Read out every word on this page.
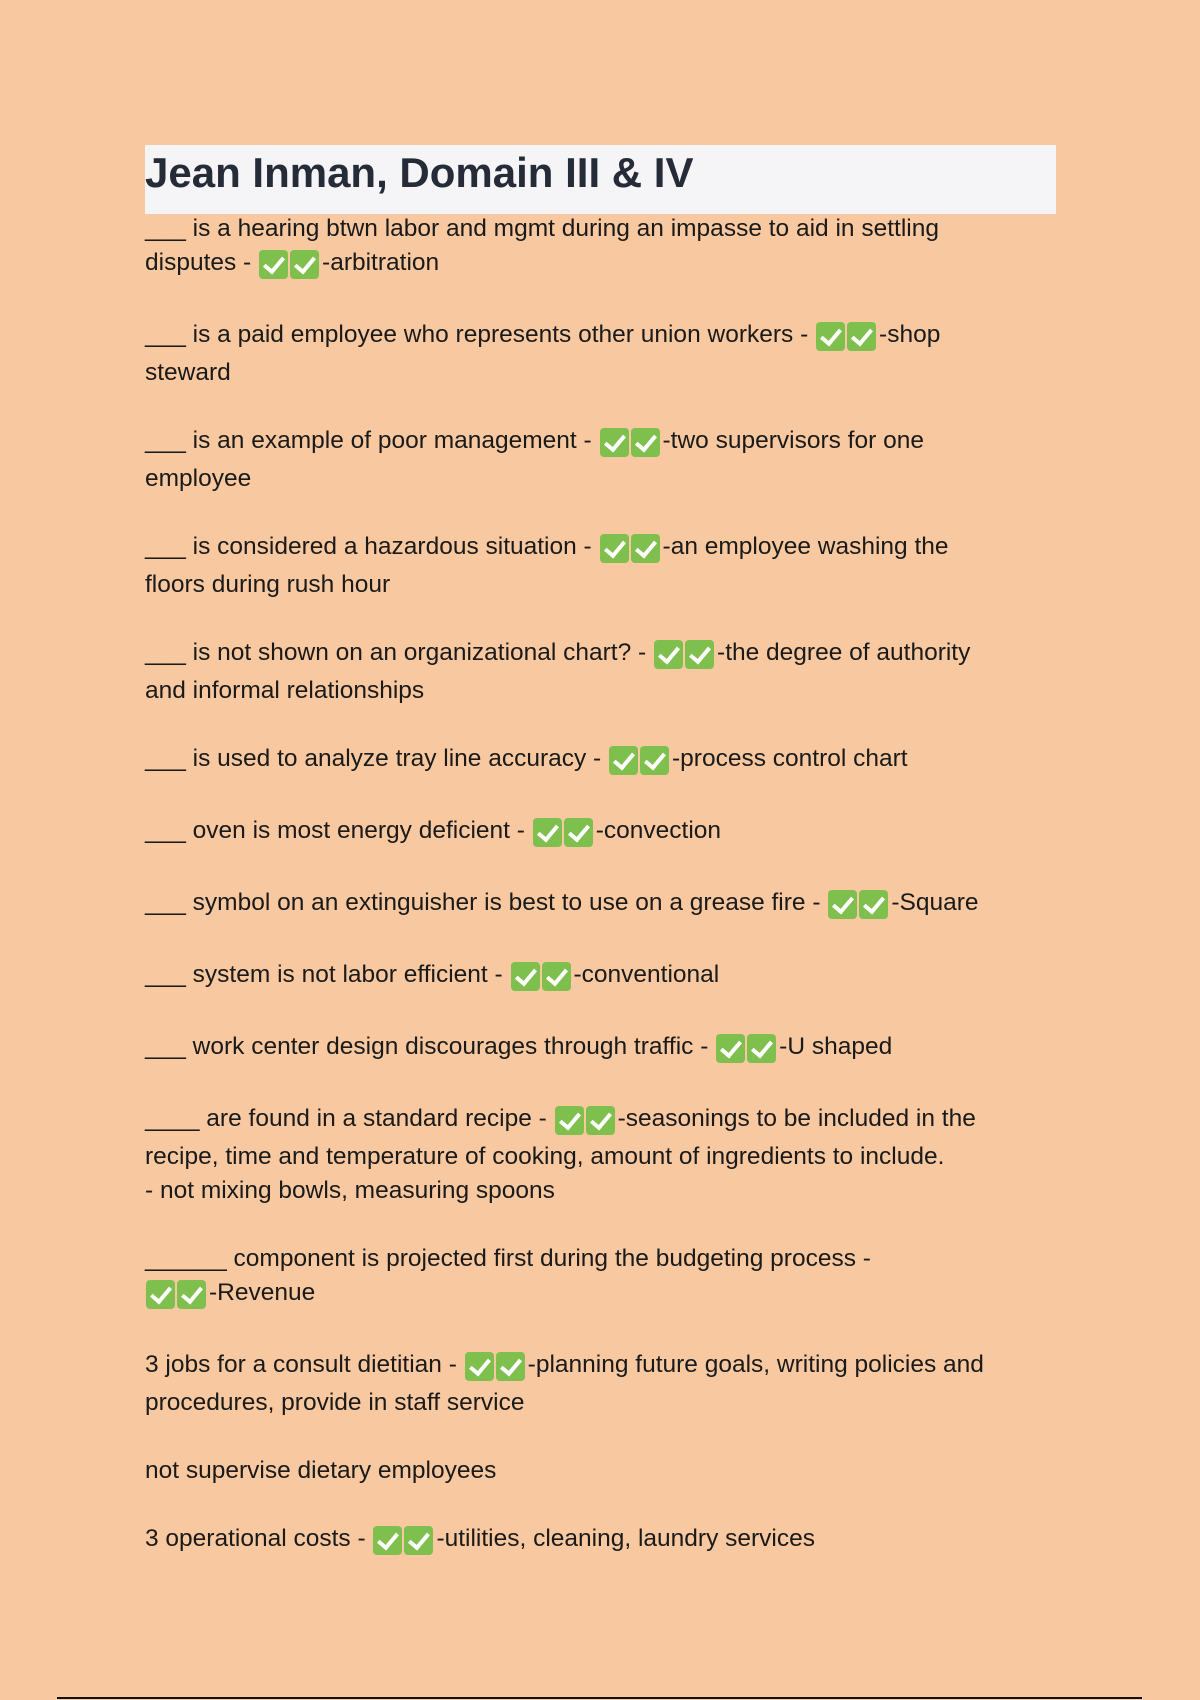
Jean Inman, Domain III & IV

___ is a hearing btwn labor and mgmt during an impasse to aid in settling
disputes -	-arbitration

___ is a paid employee who represents other union workers -	-shop
steward

___ is an example of poor management -	-two supervisors for one
employee

___ is considered a hazardous situation -	-an employee washing the
floors during rush hour

___ is not shown on an organizational chart? -	-the degree of authority
and informal relationships

___ is used to analyze tray line accuracy -	-process control chart

___ oven is most energy deficient -	-convection

___ symbol on an extinguisher is best to use on a grease fire -	-Square

___ system is not labor efficient -	-conventional

___ work center design discourages through traffic -	-U shaped

____ are found in a standard recipe -	-seasonings to be included in the
recipe, time and temperature of cooking, amount of ingredients to include.
- not mixing bowls, measuring spoons

______ component is projected first during the budgeting process -
-Revenue

3 jobs for a consult dietitian -	-planning future goals, writing policies and
procedures, provide in staff service

not supervise dietary employees

3 operational costs -	-utilities, cleaning, laundry services
